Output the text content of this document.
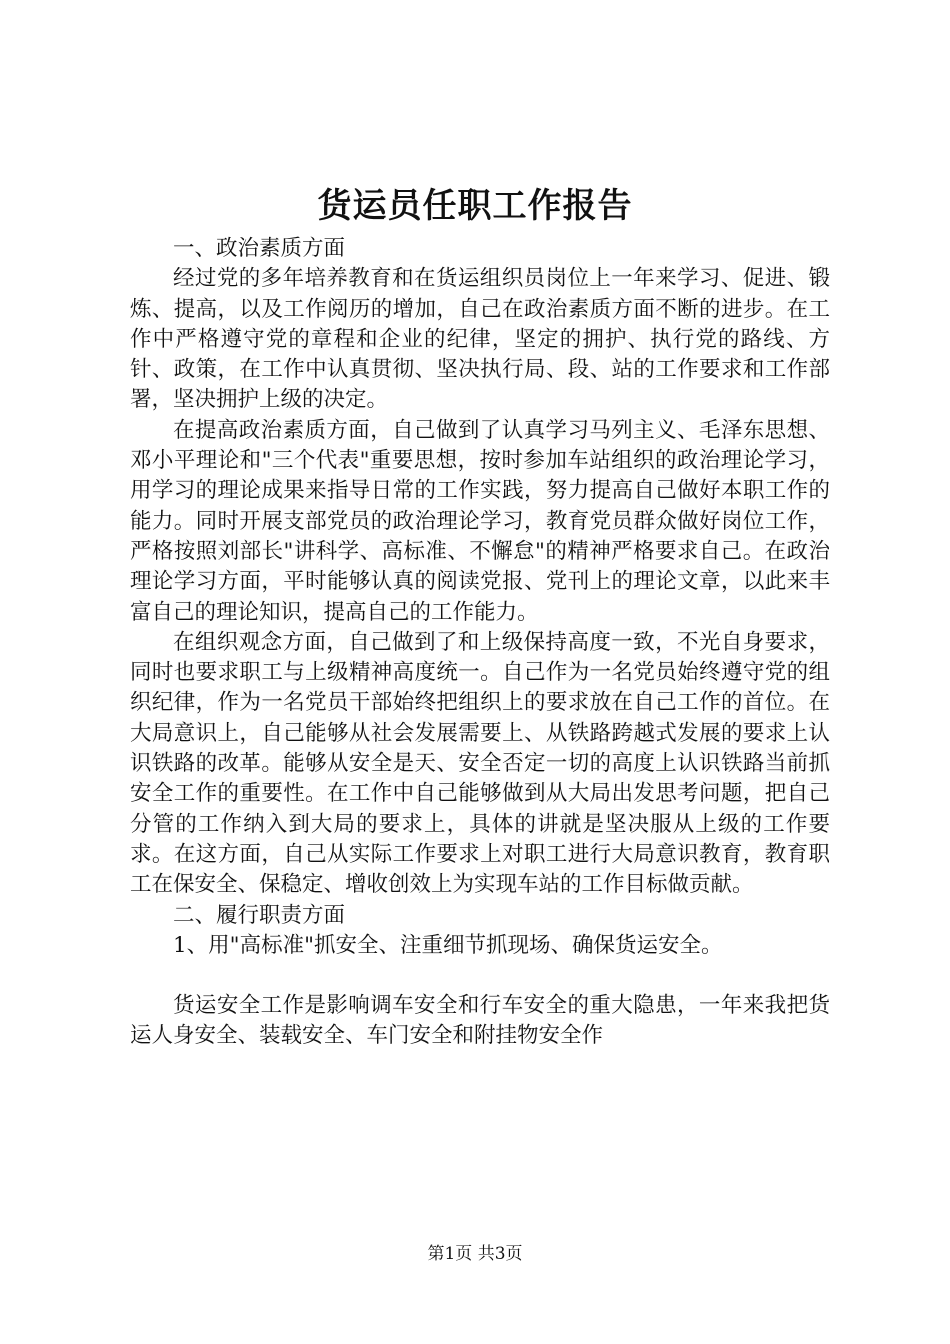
货运员任职工作报告

一、政治素质方面

经过党的多年培养教育和在货运组织员岗位上一年来学习、促进、锻炼、提高，以及工作阅历的增加，自己在政治素质方面不断的进步。在工作中严格遵守党的章程和企业的纪律，坚定的拥护、执行党的路线、方针、政策，在工作中认真贯彻、坚决执行局、段、站的工作要求和工作部署，坚决拥护上级的决定。

在提高政治素质方面，自己做到了认真学习马列主义、毛泽东思想、邓小平理论和"三个代表"重要思想，按时参加车站组织的政治理论学习，用学习的理论成果来指导日常的工作实践，努力提高自己做好本职工作的能力。同时开展支部党员的政治理论学习，教育党员群众做好岗位工作，严格按照刘部长"讲科学、高标准、不懈怠"的精神严格要求自己。在政治理论学习方面，平时能够认真的阅读党报、党刊上的理论文章，以此来丰富自己的理论知识，提高自己的工作能力。

在组织观念方面，自己做到了和上级保持高度一致，不光自身要求，同时也要求职工与上级精神高度统一。自己作为一名党员始终遵守党的组织纪律，作为一名党员干部始终把组织上的要求放在自己工作的首位。在大局意识上，自己能够从社会发展需要上、从铁路跨越式发展的要求上认识铁路的改革。能够从安全是天、安全否定一切的高度上认识铁路当前抓安全工作的重要性。在工作中自己能够做到从大局出发思考问题，把自己分管的工作纳入到大局的要求上，具体的讲就是坚决服从上级的工作要求。在这方面，自己从实际工作要求上对职工进行大局意识教育，教育职工在保安全、保稳定、增收创效上为实现车站的工作目标做贡献。

二、履行职责方面

1、用"高标准"抓安全、注重细节抓现场、确保货运安全。

货运安全工作是影响调车安全和行车安全的重大隐患，一年来我把货运人身安全、装载安全、车门安全和附挂物安全作

第1页 共3页
